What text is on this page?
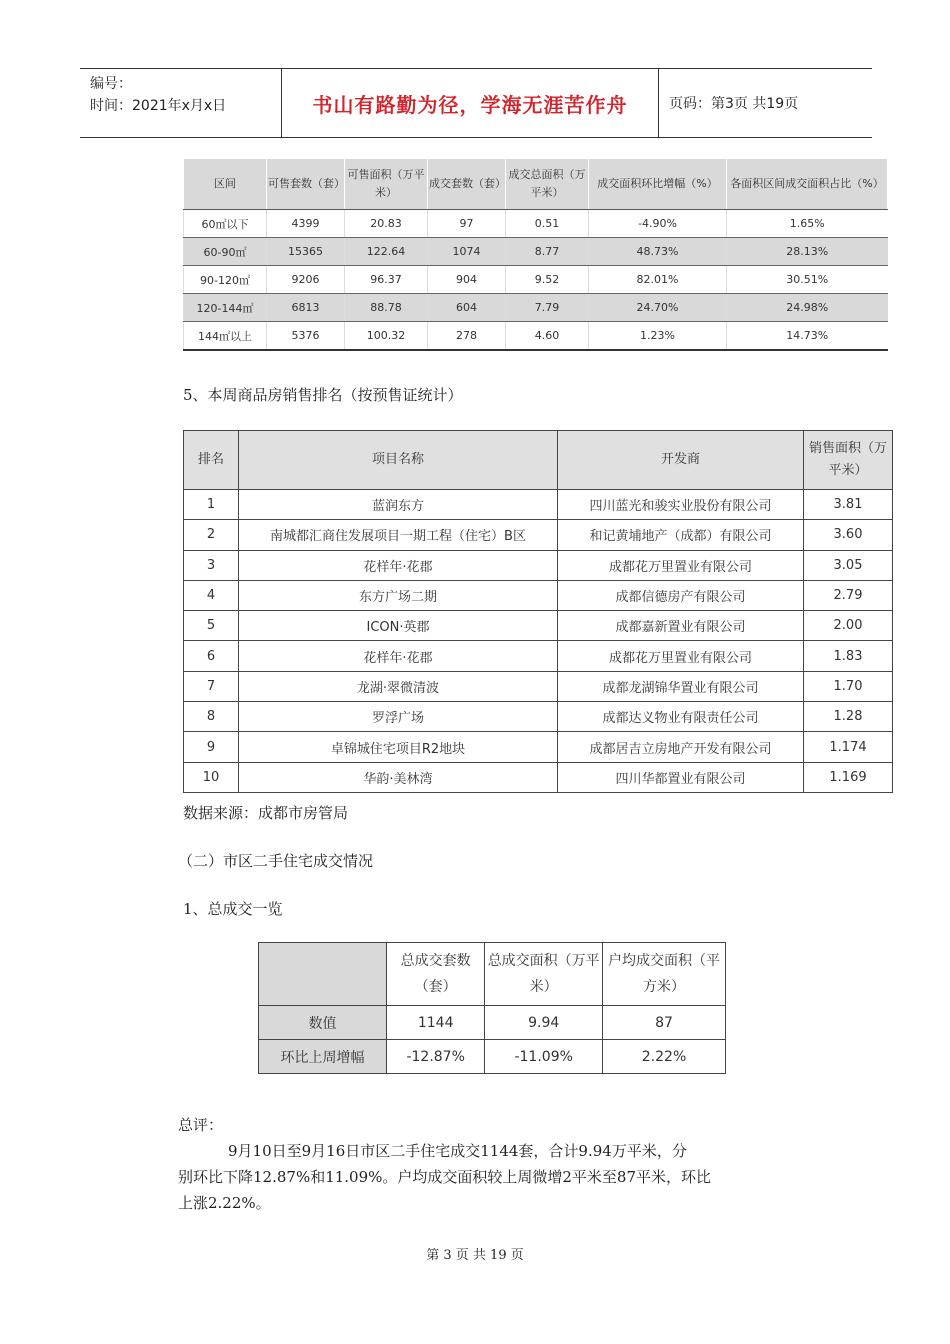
编号：
时间：2021年x月x日	书山有路勤为径，学海无涯苦作舟	页码：第3页 共19页
区间	可售套数（套）	可售面积（万平米）	成交套数（套）	成交总面积（万平米）	成交面积环比增幅（%）	各面积区间成交面积占比（%）
60㎡以下	4399	20.83	97	0.51	-4.90%	1.65%
60-90㎡	15365	122.64	1074	8.77	48.73%	28.13%
90-120㎡	9206	96.37	904	9.52	82.01%	30.51%
120-144㎡	6813	88.78	604	7.79	24.70%	24.98%
144㎡以上	5376	100.32	278	4.60	1.23%	14.73%
5、本周商品房销售排名（按预售证统计）
排名	项目名称	开发商	销售面积（万平米）
1	蓝润东方	四川蓝光和骏实业股份有限公司	3.81
2	南城都汇商住发展项目一期工程（住宅）B区	和记黄埔地产（成都）有限公司	3.60
3	花样年·花郡	成都花万里置业有限公司	3.05
4	东方广场二期	成都信德房产有限公司	2.79
5	ICON·英郡	成都嘉新置业有限公司	2.00
6	花样年·花郡	成都花万里置业有限公司	1.83
7	龙湖·翠微清波	成都龙湖锦华置业有限公司	1.70
8	罗浮广场	成都达义物业有限责任公司	1.28
9	卓锦城住宅项目R2地块	成都居吉立房地产开发有限公司	1.174
10	华韵·美林湾	四川华都置业有限公司	1.169
数据来源：成都市房管局
（二）市区二手住宅成交情况
1、总成交一览
	总成交套数（套）	总成交面积（万平米）	户均成交面积（平方米）
数值	1144	9.94	87
环比上周增幅	-12.87%	-11.09%	2.22%
总评：
9月10日至9月16日市区二手住宅成交1144套，合计9.94万平米，分
别环比下降12.87%和11.09%。户均成交面积较上周微增2平米至87平米，环比
上涨2.22%。
第 3 页 共 19 页
